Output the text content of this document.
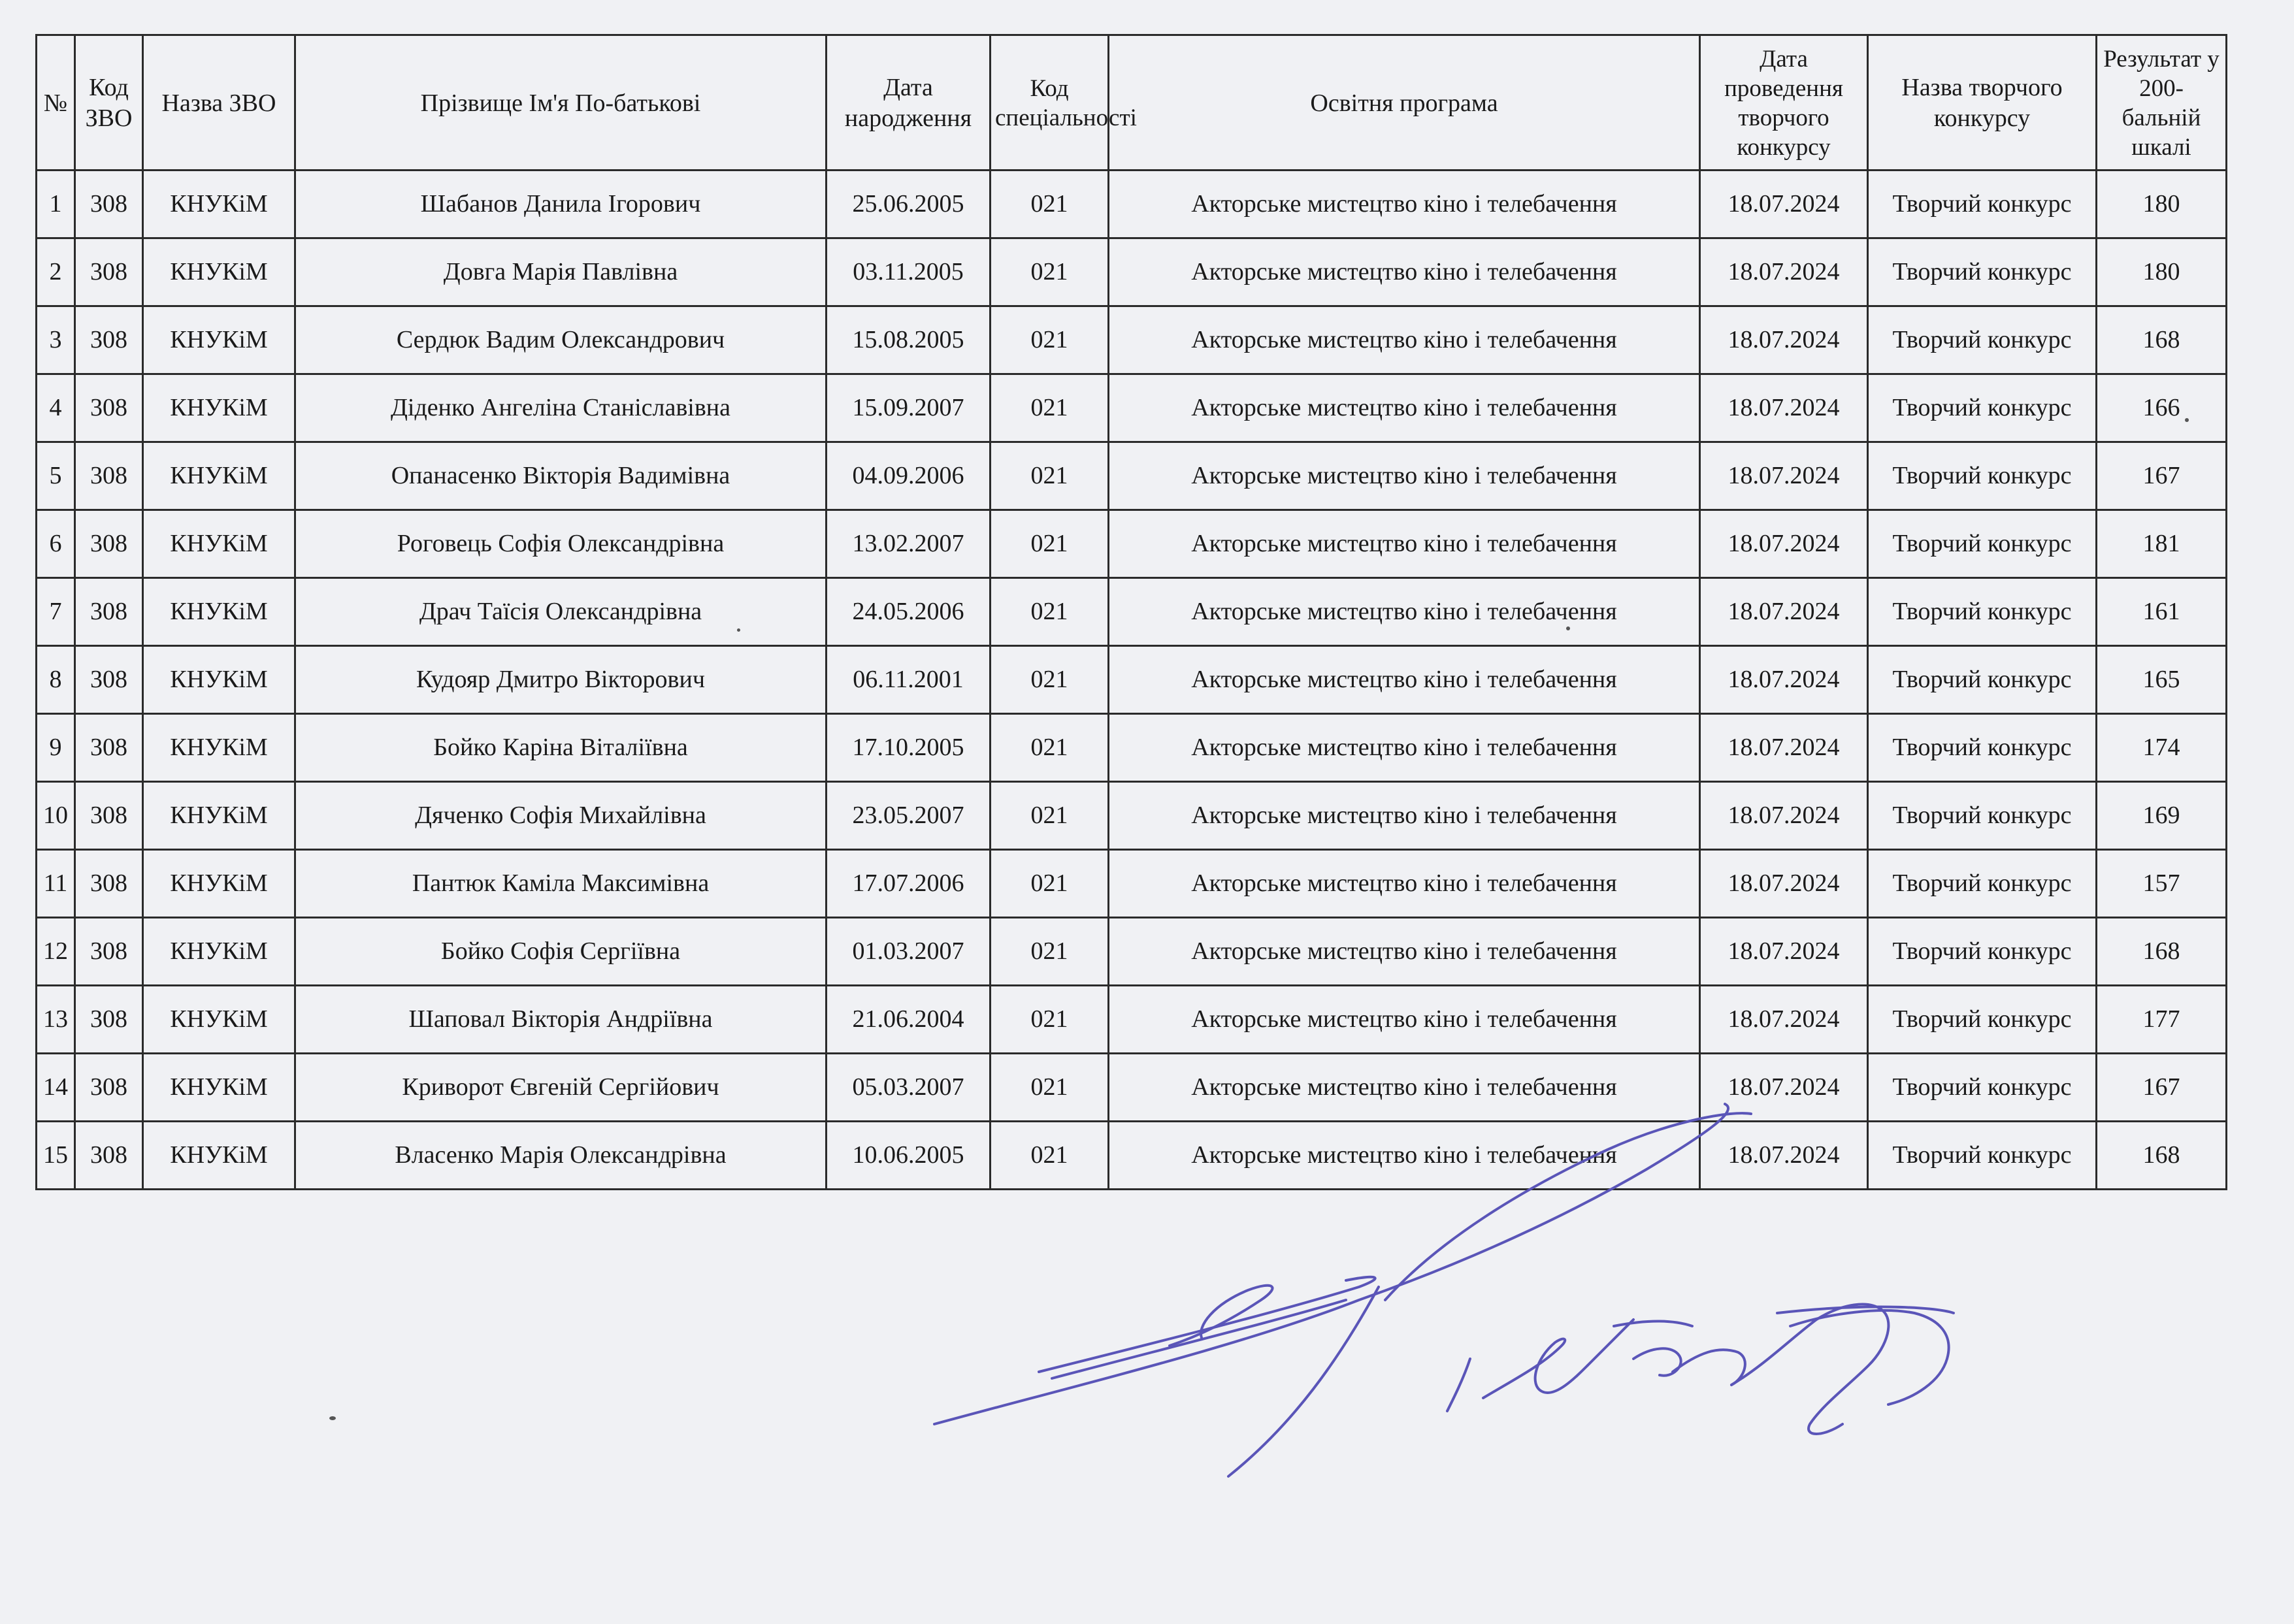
№	Код ЗВО	Назва ЗВО	Прізвище Ім'я По-батькові	Дата народження	Код спеціальності	Освітня програма	Дата проведення творчого конкурсу	Назва творчого конкурсу	Результат у 200-бальній шкалі
1	308	КНУКіМ	Шабанов Данила Ігорович	25.06.2005	021	Акторське мистецтво кіно і телебачення	18.07.2024	Творчий конкурс	180
2	308	КНУКіМ	Довга Марія Павлівна	03.11.2005	021	Акторське мистецтво кіно і телебачення	18.07.2024	Творчий конкурс	180
3	308	КНУКіМ	Сердюк Вадим Олександрович	15.08.2005	021	Акторське мистецтво кіно і телебачення	18.07.2024	Творчий конкурс	168
4	308	КНУКіМ	Діденко Ангеліна Станіславівна	15.09.2007	021	Акторське мистецтво кіно і телебачення	18.07.2024	Творчий конкурс	166
5	308	КНУКіМ	Опанасенко Вікторія Вадимівна	04.09.2006	021	Акторське мистецтво кіно і телебачення	18.07.2024	Творчий конкурс	167
6	308	КНУКіМ	Роговець Софія Олександрівна	13.02.2007	021	Акторське мистецтво кіно і телебачення	18.07.2024	Творчий конкурс	181
7	308	КНУКіМ	Драч Таїсія Олександрівна	24.05.2006	021	Акторське мистецтво кіно і телебачення	18.07.2024	Творчий конкурс	161
8	308	КНУКіМ	Кудояр Дмитро Вікторович	06.11.2001	021	Акторське мистецтво кіно і телебачення	18.07.2024	Творчий конкурс	165
9	308	КНУКіМ	Бойко Каріна Віталіївна	17.10.2005	021	Акторське мистецтво кіно і телебачення	18.07.2024	Творчий конкурс	174
10	308	КНУКіМ	Дяченко Софія Михайлівна	23.05.2007	021	Акторське мистецтво кіно і телебачення	18.07.2024	Творчий конкурс	169
11	308	КНУКіМ	Пантюк Каміла Максимівна	17.07.2006	021	Акторське мистецтво кіно і телебачення	18.07.2024	Творчий конкурс	157
12	308	КНУКіМ	Бойко Софія Сергіївна	01.03.2007	021	Акторське мистецтво кіно і телебачення	18.07.2024	Творчий конкурс	168
13	308	КНУКіМ	Шаповал Вікторія Андріївна	21.06.2004	021	Акторське мистецтво кіно і телебачення	18.07.2024	Творчий конкурс	177
14	308	КНУКіМ	Криворот Євгеній Сергійович	05.03.2007	021	Акторське мистецтво кіно і телебачення	18.07.2024	Творчий конкурс	167
15	308	КНУКіМ	Власенко Марія Олександрівна	10.06.2005	021	Акторське мистецтво кіно і телебачення	18.07.2024	Творчий конкурс	168
